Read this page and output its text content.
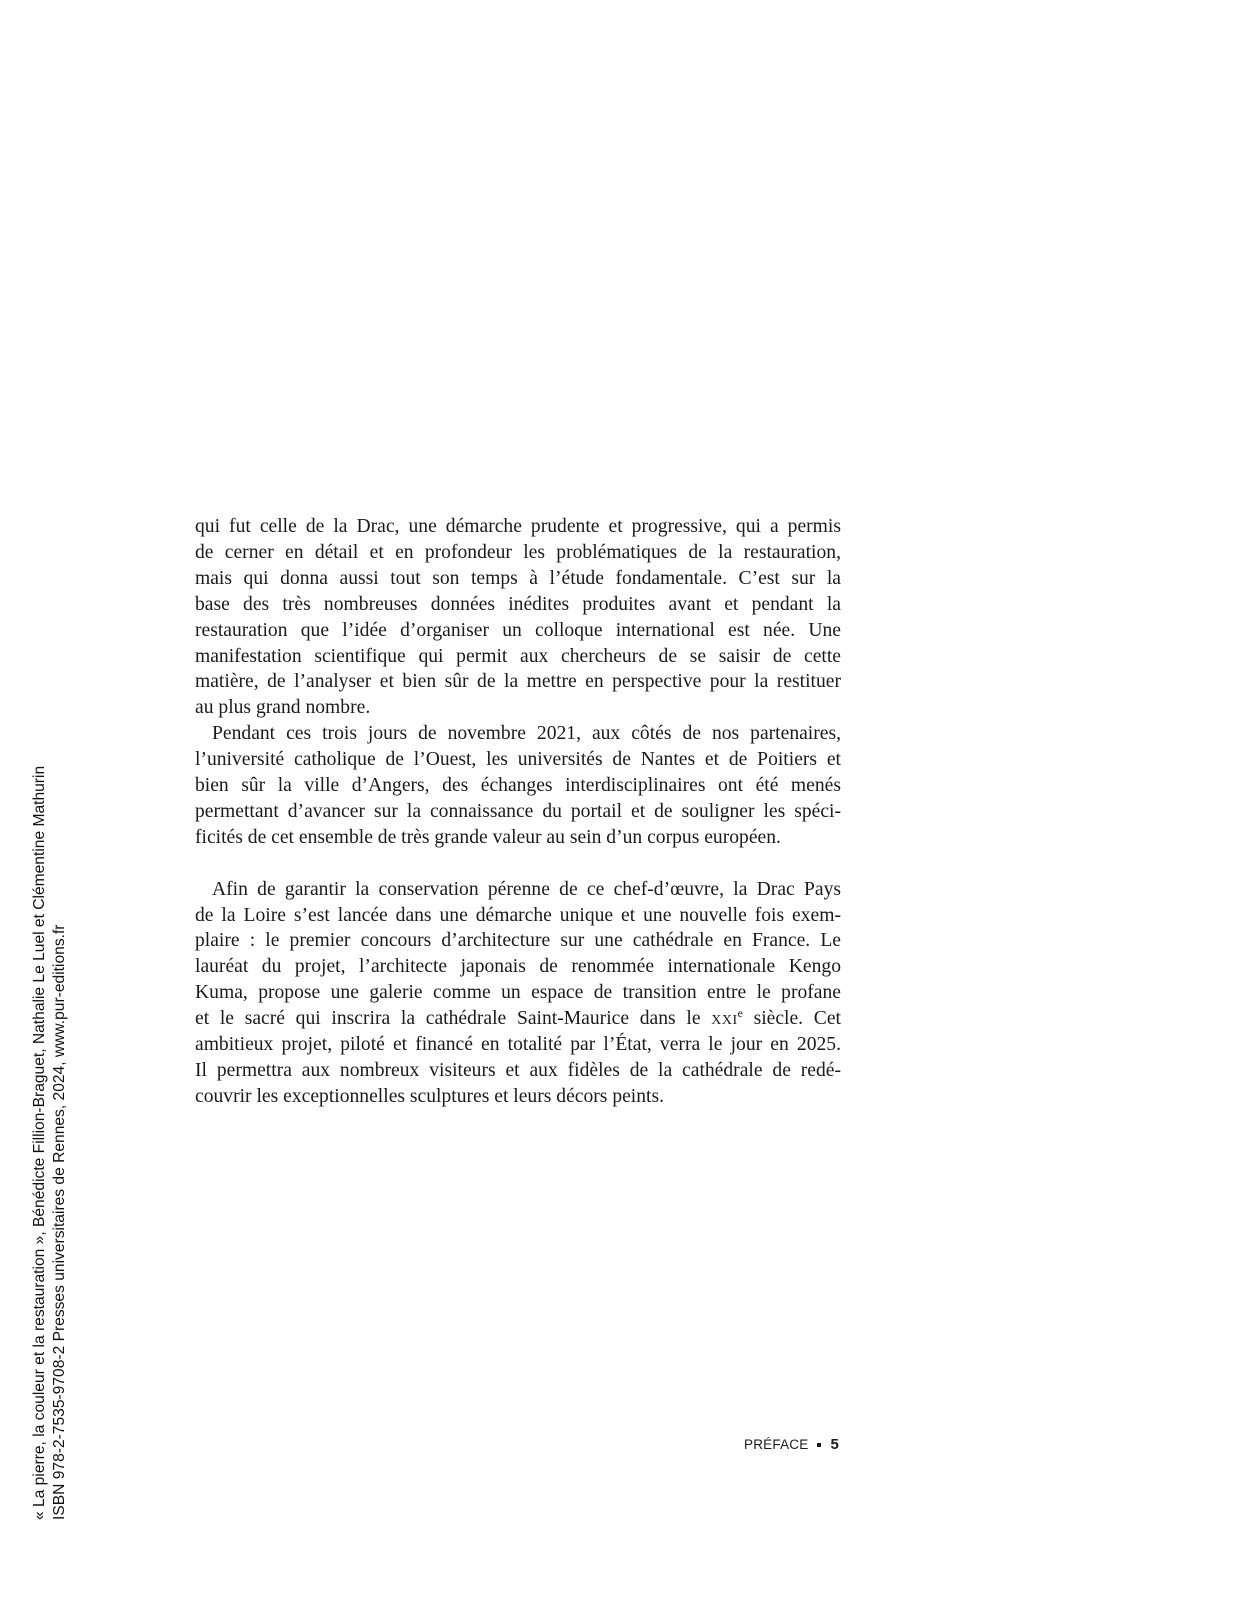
qui fut celle de la Drac, une démarche prudente et progressive, qui a permis
de cerner en détail et en profondeur les problématiques de la restauration,
mais qui donna aussi tout son temps à l’étude fondamentale. C’est sur la
base des très nombreuses données inédites produites avant et pendant la
restauration que l’idée d’organiser un colloque international est née. Une
manifestation scientifique qui permit aux chercheurs de se saisir de cette
matière, de l’analyser et bien sûr de la mettre en perspective pour la restituer
au plus grand nombre.
Pendant ces trois jours de novembre 2021, aux côtés de nos partenaires,
l’université catholique de l’Ouest, les universités de Nantes et de Poitiers et
bien sûr la ville d’Angers, des échanges interdisciplinaires ont été menés
permettant d’avancer sur la connaissance du portail et de souligner les spéci-
ficités de cet ensemble de très grande valeur au sein d’un corpus européen.
Afin de garantir la conservation pérenne de ce chef-d’œuvre, la Drac Pays
de la Loire s’est lancée dans une démarche unique et une nouvelle fois exem-
plaire : le premier concours d’architecture sur une cathédrale en France. Le
lauréat du projet, l’architecte japonais de renommée internationale Kengo
Kuma, propose une galerie comme un espace de transition entre le profane
et le sacré qui inscrira la cathédrale Saint-Maurice dans le xxi$^e$ siècle. Cet
ambitieux projet, piloté et financé en totalité par l’État, verra le jour en 2025.
Il permettra aux nombreux visiteurs et aux fidèles de la cathédrale de redé-
couvrir les exceptionnelles sculptures et leurs décors peints.
« La pierre, la couleur et la restauration », Bénédicte Fillion-Braguet, Nathalie Le Luel et Clémentine Mathurin ISBN 978-2-7535-9708-2 Presses universitaires de Rennes, 2024, www.pur-editions.fr	PRÉFACE 5
